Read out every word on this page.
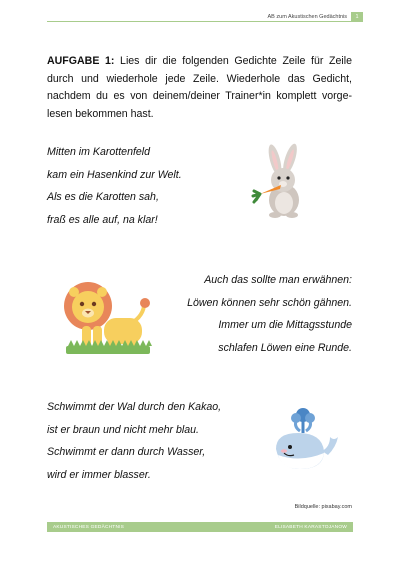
AB zum Akustischen Gedächtnis	1

AUFGABE 1: Lies dir die folgenden Gedichte Zeile für Zeile durch und wiederhole jede Zeile. Wiederhole das Gedicht, nachdem du es von deinem/deiner Trainer*in komplett vorge-lesen bekommen hast.

Mitten im Karottenfeld
kam ein Hasenkind zur Welt.
Als es die Karotten sah,
fraß es alle auf, na klar!
Auch das sollte man erwähnen:
Löwen können sehr schön gähnen.
Immer um die Mittagsstunde
schlafen Löwen eine Runde.
Schwimmt der Wal durch den Kakao,
ist er braun und nicht mehr blau.
Schwimmt er dann durch Wasser,
wird er immer blasser.
Bildquelle: pixabay.com
AKUSTISCHES GEDÄCHTNIS	ELISABETH KARASTOJANOW
